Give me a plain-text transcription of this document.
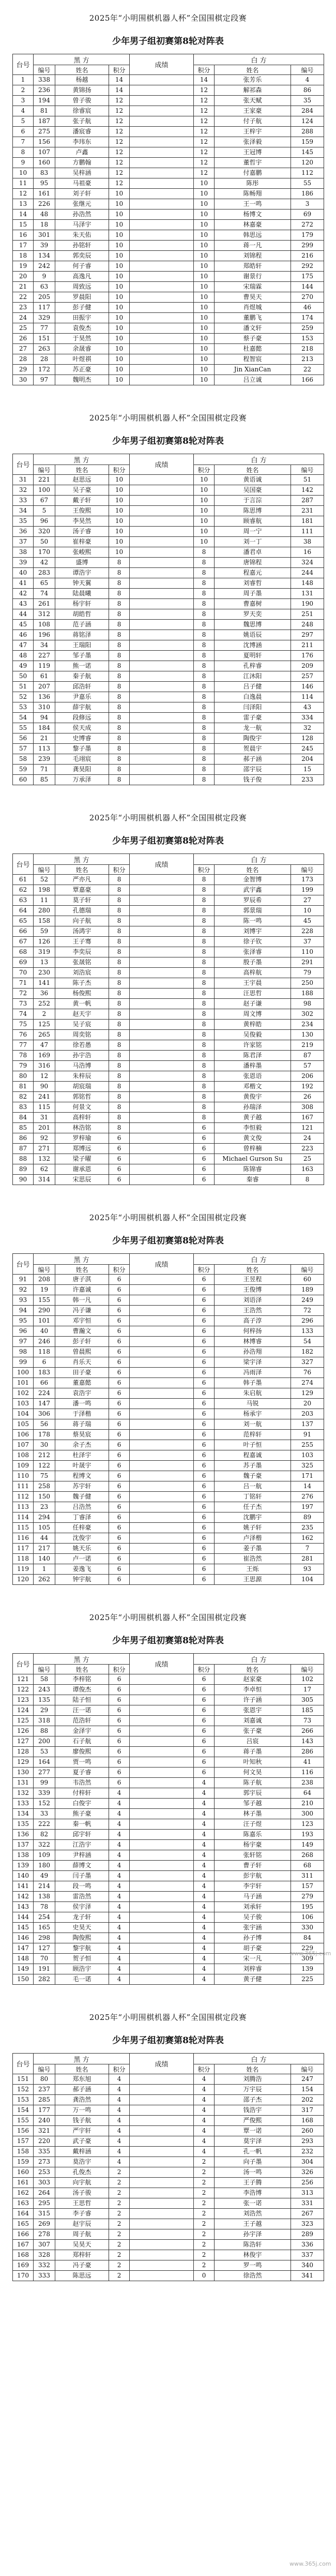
2025年“小明围棋机器人杯”全国围棋定段赛
少年男子组初赛第8轮对阵表
台号	黑 方			成绩	白 方		
	编号	姓名	积分		积分	姓名	编号
1	338	杨越	14		14	张芳乐	4
2	236	黄锦扬	14		12	解祁森	86
3	194	曾子骏	12		12	张天赋	35
4	81	徐睿宸	12		12	王家豪	284
5	187	张子航	12		12	付子航	124
6	275	潘宸睿	12		12	王梓宇	288
7	156	李玮东	12		12	张泽毅	159
8	107	卢鑫	12		12	王冠博	145
9	160	方鹏翰	12		12	董哲宇	120
10	83	吴梓涵	12		12	付嘉鹏	112
11	95	马祖豪	12		10	陈彤	55
12	161	刘子轩	10		10	陈畅翔	186
13	226	张继元	10		10	王一鸣	3
14	48	孙浩然	10		10	杨博文	69
15	18	马泽宇	10		10	林嘉豪	272
16	301	朱天佑	10		10	韩思远	179
17	39	孙铭轩	10		10	蒋一凡	299
18	134	郭奕辰	10		10	刘锦程	216
19	242	何子睿	10		10	郑皓轩	292
20	9	高逸凡	10		10	谢景行	175
21	63	周致远	10		10	宋瑞霖	144
22	205	罗晨阳	10		10	曹昊天	270
23	117	彭子健	10		10	肖煜城	46
24	329	田振宇	10		10	董鹏飞	174
25	77	袁俊杰	10		10	潘文轩	259
26	151	于昊然	10		10	蔡子豪	153
27	263	余晟睿	10		10	杜嘉懿	218
28	28	叶煜祺	10		10	程智宸	213
29	172	苏正豪	10		10	Jin XianCan	22
30	97	魏明杰	10		10	吕立诚	166
2025年“小明围棋机器人杯”全国围棋定段赛
少年男子组初赛第8轮对阵表
台号	黑 方			成绩	白 方		
	编号	姓名	积分		积分	姓名	编号
31	221	赵思远	10		10	黄语诚	51
32	100	吴子豪	10		10	吴国豪	142
33	67	戴子轩	10		10	于言淙	287
34	5	王俊熙	10		10	陈思博	231
35	96	李昊然	10		10	顾睿航	181
36	320	汤子睿	10		10	周一宁	111
37	50	崔梓豪	10		10	刘一丁	38
38	170	张峻熙	10		8	潘君卓	16
39	42	盛博	8		8	唐锦程	324
40	283	谭浩宇	8		8	程嘉元	244
41	65	钟天翼	8		8	刘睿哲	148
42	74	陆晨曦	8		8	周子墨	131
43	261	杨宇轩	8		8	曹嘉树	190
44	312	胡皓哲	8		8	罗天奕	251
45	108	范子涵	8		8	魏思博	248
46	196	蒋铭泽	8		8	姚语辰	297
47	34	王瑞阳	8		8	沈博涵	211
48	227	邹子墨	8		8	夏明轩	176
49	119	熊一诺	8		8	孔梓睿	209
50	61	秦子航	8		8	江沐阳	257
51	207	邱浩轩	8		8	吕子健	146
52	136	尹嘉乐	8		8	白逸晨	114
53	310	薛宇航	8		8	闫泽阳	43
54	94	段修远	8		8	雷子豪	334
55	184	侯天成	8		8	龙一航	32
56	21	史博睿	8		8	陶俊宇	128
57	113	黎子墨	8		8	贺晨宇	245
58	239	毛翊宸	8		8	郝子涵	204
59	71	龚昊阳	8		8	邵宇辰	15
60	85	万承泽	8		8	钱子俊	233
2025年“小明围棋机器人杯”全国围棋定段赛
少年男子组初赛第8轮对阵表
台号	黑 方			成绩	白 方		
	编号	姓名	积分		积分	姓名	编号
61	52	严亦凡	8		8	金智博	173
62	198	覃嘉豪	8		8	武宇鑫	199
63	11	莫子轩	8		8	罗辰希	27
64	280	孔德瑞	8		8	郭景瑞	10
65	158	向子航	8		8	陈一鸣	45
66	59	汤鸿宇	8		8	刘博宇	228
67	126	王子骞	8		8	徐子钦	37
68	319	李奕辰	8		8	张泽睿	110
69	13	张晟铭	8		8	殷子墨	291
70	230	刘浩宸	8		8	高梓航	79
71	141	陈子杰	8		8	王宇晨	250
72	36	杨俊熙	8		8	汪思哲	188
73	252	黄一帆	8		8	赵子谦	98
74	2	赵天宇	8		8	周文博	302
75	125	吴子宸	8		8	黄梓皓	234
76	265	周奕铭	8		8	吴俊毅	130
77	47	徐若愚	8		8	许家铭	219
78	169	孙宇浩	8		8	陈君泽	87
79	316	马浩博	8		8	潘梓墨	57
80	12	朱梓辰	8		8	张恩语	206
81	90	胡宸瑞	8		8	邓楷文	192
82	241	郭铭哲	8		8	黄俊宇	26
83	115	何景文	8		8	孙瑞泽	308
84	31	高梓轩	8		8	黄子越	167
85	201	林浩铭	8		6	李恒毅	121
86	92	罗梓瑜	6		6	黄文俊	24
87	271	郑博远	6		6	曾梓楠	223
88	132	梁子曜	6		6	Michael Gurson Su	25
89	62	谢承恩	6		6	陈锦睿	163
90	314	宋思辰	6		6	秦睿	8
2025年“小明围棋机器人杯”全国围棋定段赛
少年男子组初赛第8轮对阵表
台号	黑 方			成绩	白 方		
	编号	姓名	积分		积分	姓名	编号
91	208	唐子淇	6		6	王昱程	60
92	19	许嘉诚	6		6	王俊博	189
93	155	韩一凡	6		6	刘语泽	249
94	290	冯子谦	6		6	王浩然	72
95	101	邓宇恒	6		6	高子淳	296
96	40	曹瀚文	6		6	何梓扬	133
97	246	彭子轩	6		6	林博睿	54
98	118	曾晨熙	6		6	孙浩翔	182
99	6	肖乐天	6		6	梁宇泽	327
100	183	田子豪	6		6	冯雨泽	76
101	66	董嘉懿	6		6	韩子墨	274
102	224	袁浩宇	6		6	朱启航	129
103	147	潘一鸣	6		6	马锐	20
104	306	于泽楷	6		6	杨承宇	203
105	56	蒋子瑞	6		6	刘一航	137
106	178	蔡昊宸	6		6	范梓轩	91
107	30	余子杰	6		6	叶子恒	255
108	212	杜泽宇	6		6	程嘉诚	103
109	122	叶晟宇	6		6	苏子墨	325
110	75	程博文	6		6	魏子豪	171
111	258	苏宇轩	6		6	吕一航	14
112	150	魏子健	6		6	丁铭轩	276
113	23	吕浩然	6		6	任子杰	197
114	294	丁睿泽	6		6	沈鹏宇	89
115	105	任梓豪	6		6	姚子轩	235
116	44	沈俊宇	6		6	卢泽楷	162
117	217	姚天乐	6		6	姜子墨	7
118	140	卢一诺	6		6	崔浩然	281
119	1	姜逸飞	6		6	王烁	93
120	262	钟宇航	6		6	王思源	104
2025年“小明围棋机器人杯”全国围棋定段赛
少年男子组初赛第8轮对阵表
台号	黑 方			成绩	白 方		
	编号	姓名	积分		积分	姓名	编号
121	58	李梓铭	6		6	赵家豪	102
122	243	谭俊杰	6		6	李卓恒	17
123	135	陆子恒	6		6	许子涵	305
124	29	汪一诺	6		6	张恩宇	185
125	318	范浩轩	6		6	刘嘉诚	73
126	88	金泽宇	6		6	张子豪	266
127	200	石子航	6		6	吕宸	143
128	53	廖俊熙	6		6	蒋子墨	286
129	164	贾一鸣	6		6	叶知秋	41
130	277	夏子睿	6		6	何文昊	116
131	99	韦浩然	6		4	陈子航	238
132	339	付梓轩	4		4	郭宇辰	64
133	152	白俊宇	4		4	邹子越	210
134	33	熊子豪	4		4	林子墨	300
135	222	秦一帆	4		4	汪子煜	123
136	82	邱宇轩	4		4	陈嘉乐	193
137	322	江浩宇	4		4	杨宇豪	149
138	109	尹梓涵	4		4	张轩铭	268
139	180	薛博文	4		4	曹子轩	68
140	49	闫子墨	4		4	彭宇航	311
141	214	段一鸣	4		4	李宇轩	157
142	138	雷浩然	4		4	马子涵	279
143	78	侯宇泽	4		4	刘承轩	195
144	254	龙子轩	4		4	吴子骏	106
145	165	史昊天	4		4	张宇涵	330
146	298	陶俊熙	4		4	孙子博	84
147	127	黎宇航	4		4	胡子豪	229
148	70	贺子恒	4		4	宋一凡	309
149	191	顾浩宇	4		4	刘梓睿	139
150	282	毛一诺	4		4	黄子健	225
2025年“小明围棋机器人杯”全国围棋定段赛
少年男子组初赛第8轮对阵表
台号	黑 方			成绩	白 方		
	编号	姓名	积分		积分	姓名	编号
151	80	郑东旭	4		4	刘腾浩	247
152	237	郝子涵	4		4	万宇辰	154
153	285	龚浩然	4		4	邵子杰	202
154	177	万一鸣	4		4	钱浩宇	317
155	240	钱子航	4		4	严俊熙	168
156	321	严宇轩	4		4	覃一诺	260
157	220	武子豪	4		4	莫宇泽	293
158	335	戴梓涵	4		4	孔一帆	232
159	273	莫浩宇	4		2	向子墨	304
160	253	孔俊杰	2		2	汤一鸣	326
161	303	向宇航	2		2	王子腾	256
162	264	汤子骏	2		2	李浩博	313
163	295	王思哲	2		2	张一诺	331
164	315	李子睿	2		2	刘浩然	267
165	269	赵宇辰	2		2	王子越	323
166	278	周子航	2		2	孙宇泽	289
167	307	吴昊天	2		2	陈浩轩	336
168	328	郑梓轩	2		2	林俊宇	337
169	332	冯子豪	2		2	罗一鸣	340
170	333	陈思远	2		0	徐浩然	341
www.365j.com
www.365j.com
